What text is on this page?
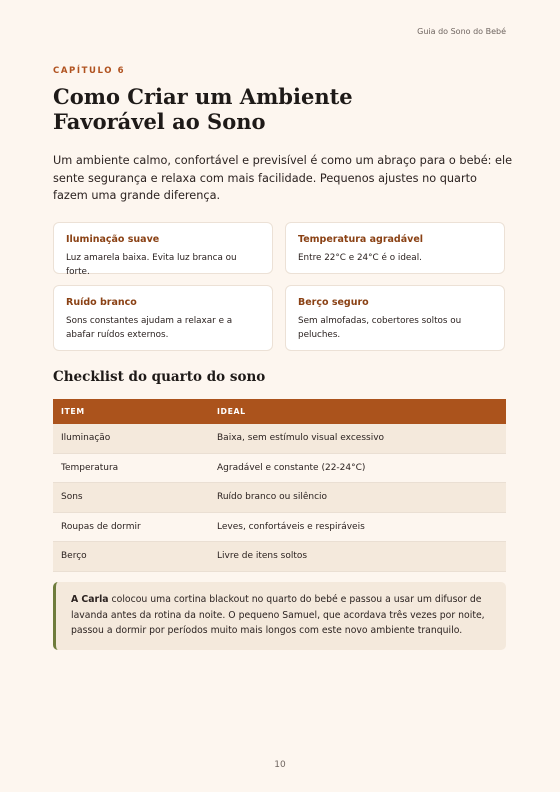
Guia do Sono do Bebé
CAPÍTULO 6
Como Criar um Ambiente
Favorável ao Sono

Um ambiente calmo, confortável e previsível é como um abraço para o bebé: ele sente segurança e relaxa com mais facilidade. Pequenos ajustes no quarto fazem uma grande diferença.

Iluminação suave

Luz amarela baixa. Evita luz branca ou forte.

Temperatura agradável

Entre 22°C e 24°C é o ideal.

Ruído branco

Sons constantes ajudam a relaxar e a abafar ruídos externos.

Berço seguro

Sem almofadas, cobertores soltos ou peluches.

Checklist do quarto do sono
ITEM	IDEAL
Iluminação	Baixa, sem estímulo visual excessivo
Temperatura	Agradável e constante (22-24°C)
Sons	Ruído branco ou silêncio
Roupas de dormir	Leves, confortáveis e respiráveis
Berço	Livre de itens soltos

A Carla colocou uma cortina blackout no quarto do bebé e passou a usar um difusor de lavanda antes da rotina da noite. O pequeno Samuel, que acordava três vezes por noite, passou a dormir por períodos muito mais longos com este novo ambiente tranquilo.

10
